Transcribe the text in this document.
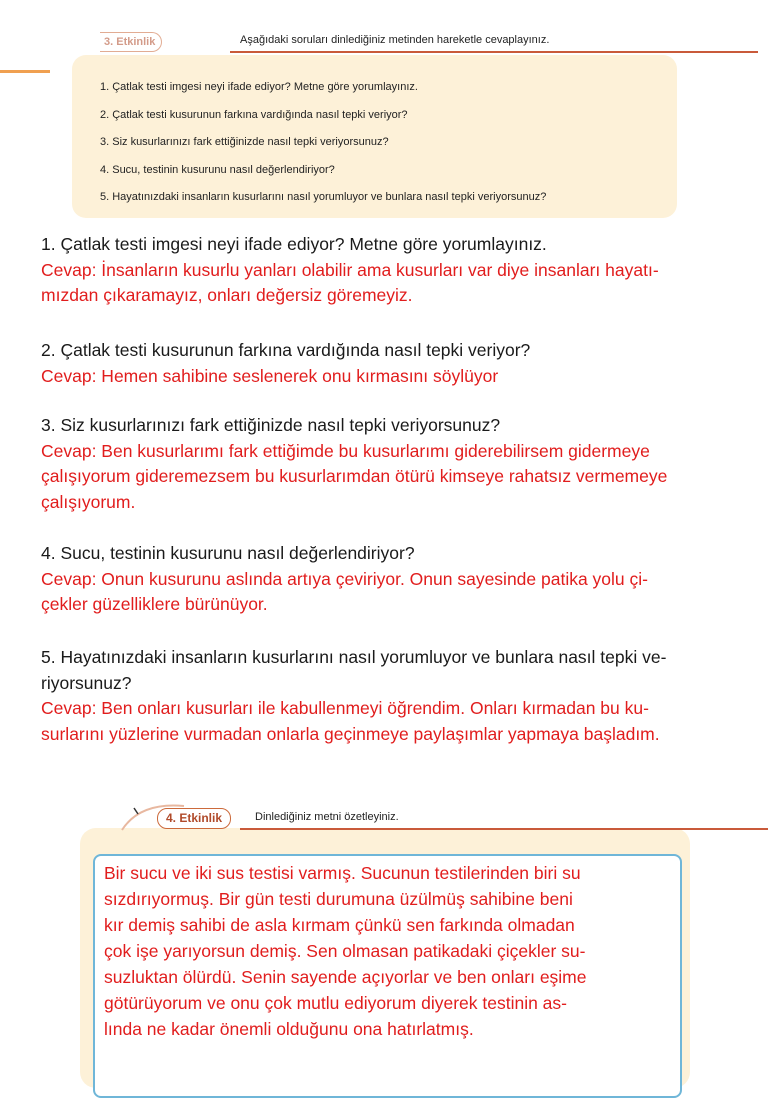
3. Etkinlik	Aşağıdaki soruları dinlediğiniz metinden hareketle cevaplayınız.
1. Çatlak testi imgesi neyi ifade ediyor? Metne göre yorumlayınız.
2. Çatlak testi kusurunun farkına vardığında nasıl tepki veriyor?
3. Siz kusurlarınızı fark ettiğinizde nasıl tepki veriyorsunuz?
4. Sucu, testinin kusurunu nasıl değerlendiriyor?
5. Hayatınızdaki insanların kusurlarını nasıl yorumluyor ve bunlara nasıl tepki veriyorsunuz?

1. Çatlak testi imgesi neyi ifade ediyor? Metne göre yorumlayınız.

Cevap: İnsanların kusurlu yanları olabilir ama kusurları var diye insanları hayatı-

mızdan çıkaramayız, onları değersiz göremeyiz.

2. Çatlak testi kusurunun farkına vardığında nasıl tepki veriyor?

Cevap: Hemen sahibine seslenerek onu kırmasını söylüyor

3. Siz kusurlarınızı fark ettiğinizde nasıl tepki veriyorsunuz?

Cevap: Ben kusurlarımı fark ettiğimde bu kusurlarımı giderebilirsem gidermeye

çalışıyorum gideremezsem bu kusurlarımdan ötürü kimseye rahatsız vermemeye

çalışıyorum.

4. Sucu, testinin kusurunu nasıl değerlendiriyor?

Cevap: Onun kusurunu aslında artıya çeviriyor. Onun sayesinde patika yolu çi-

çekler güzelliklere bürünüyor.

5. Hayatınızdaki insanların kusurlarını nasıl yorumluyor ve bunlara nasıl tepki ve-

riyorsunuz?

Cevap: Ben onları kusurları ile kabullenmeyi öğrendim. Onları kırmadan bu ku-

surlarını yüzlerine vurmadan onlarla geçinmeye paylaşımlar yapmaya başladım.

4. Etkinlik	Dinlediğiniz metni özetleyiniz.

Bir sucu ve iki sus testisi varmış. Sucunun testilerinden biri su
sızdırıyormuş. Bir gün testi durumuna üzülmüş sahibine beni
kır demiş sahibi de asla kırmam çünkü sen farkında olmadan
çok işe yarıyorsun demiş. Sen olmasan patikadaki çiçekler su-
suzluktan ölürdü. Senin sayende açıyorlar ve ben onları eşime
götürüyorum ve onu çok mutlu ediyorum diyerek testinin as-
lında ne kadar önemli olduğunu ona hatırlatmış.
